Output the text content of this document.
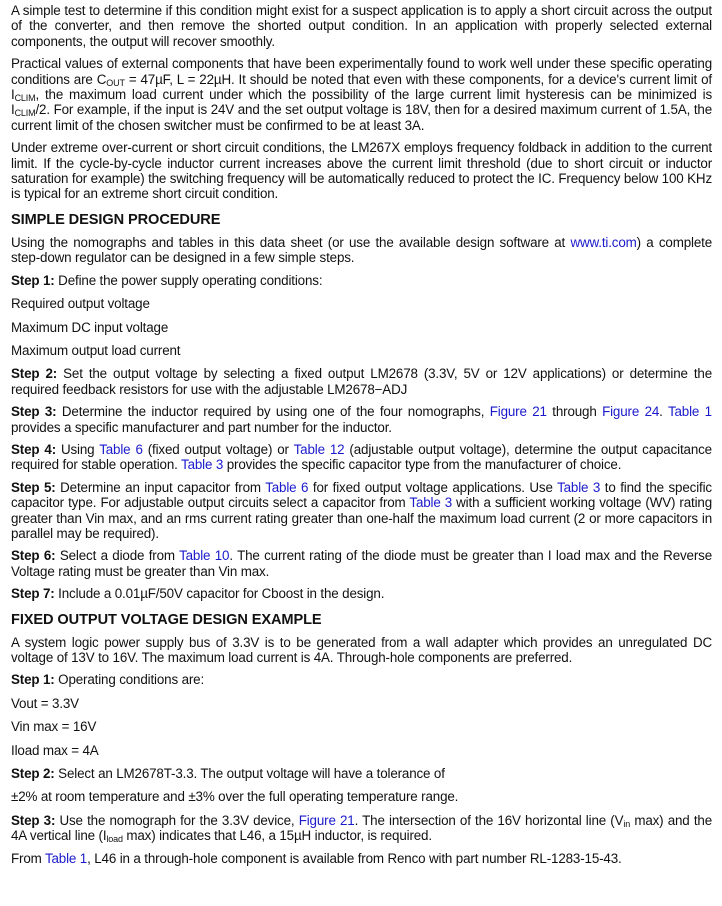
A simple test to determine if this condition might exist for a suspect application is to apply a short circuit across the output of the converter, and then remove the shorted output condition. In an application with properly selected external components, the output will recover smoothly.

Practical values of external components that have been experimentally found to work well under these specific operating conditions are $C_{OUT} = 47\mu F$, L = 22µH. It should be noted that even with these components, for a device's current limit of $I_{CLIM}$, the maximum load current under which the possibility of the large current limit hysteresis can be minimized is $I_{CLIM}/2$. For example, if the input is 24V and the set output voltage is 18V, then for a desired maximum current of 1.5A, the current limit of the chosen switcher must be confirmed to be at least 3A.

Under extreme over-current or short circuit conditions, the LM267X employs frequency foldback in addition to the current limit. If the cycle-by-cycle inductor current increases above the current limit threshold (due to short circuit or inductor saturation for example) the switching frequency will be automatically reduced to protect the IC. Frequency below 100 KHz is typical for an extreme short circuit condition.

SIMPLE DESIGN PROCEDURE

Using the nomographs and tables in this data sheet (or use the available design software at www.ti.com) a complete step-down regulator can be designed in a few simple steps.

Step 1: Define the power supply operating conditions:

Required output voltage
Maximum DC input voltage
Maximum output load current

Step 2: Set the output voltage by selecting a fixed output LM2678 (3.3V, 5V or 12V applications) or determine the required feedback resistors for use with the adjustable LM2678−ADJ

Step 3: Determine the inductor required by using one of the four nomographs, Figure 21 through Figure 24. Table 1 provides a specific manufacturer and part number for the inductor.

Step 4: Using Table 6 (fixed output voltage) or Table 12 (adjustable output voltage), determine the output capacitance required for stable operation. Table 3 provides the specific capacitor type from the manufacturer of choice.

Step 5: Determine an input capacitor from Table 6 for fixed output voltage applications. Use Table 3 to find the specific capacitor type. For adjustable output circuits select a capacitor from Table 3 with a sufficient working voltage (WV) rating greater than Vin max, and an rms current rating greater than one-half the maximum load current (2 or more capacitors in parallel may be required).

Step 6: Select a diode from Table 10. The current rating of the diode must be greater than I load max and the Reverse Voltage rating must be greater than Vin max.

Step 7: Include a 0.01µF/50V capacitor for Cboost in the design.

FIXED OUTPUT VOLTAGE DESIGN EXAMPLE

A system logic power supply bus of 3.3V is to be generated from a wall adapter which provides an unregulated DC voltage of 13V to 16V. The maximum load current is 4A. Through-hole components are preferred.

Step 1: Operating conditions are:

Vout = 3.3V
Vin max = 16V
Iload max = 4A

Step 2: Select an LM2678T-3.3. The output voltage will have a tolerance of

±2% at room temperature and ±3% over the full operating temperature range.

Step 3: Use the nomograph for the 3.3V device, Figure 21. The intersection of the 16V horizontal line ($V_{in}$ max) and the 4A vertical line ($I_{load}$ max) indicates that L46, a 15µH inductor, is required.

From Table 1, L46 in a through-hole component is available from Renco with part number RL-1283-15-43.
